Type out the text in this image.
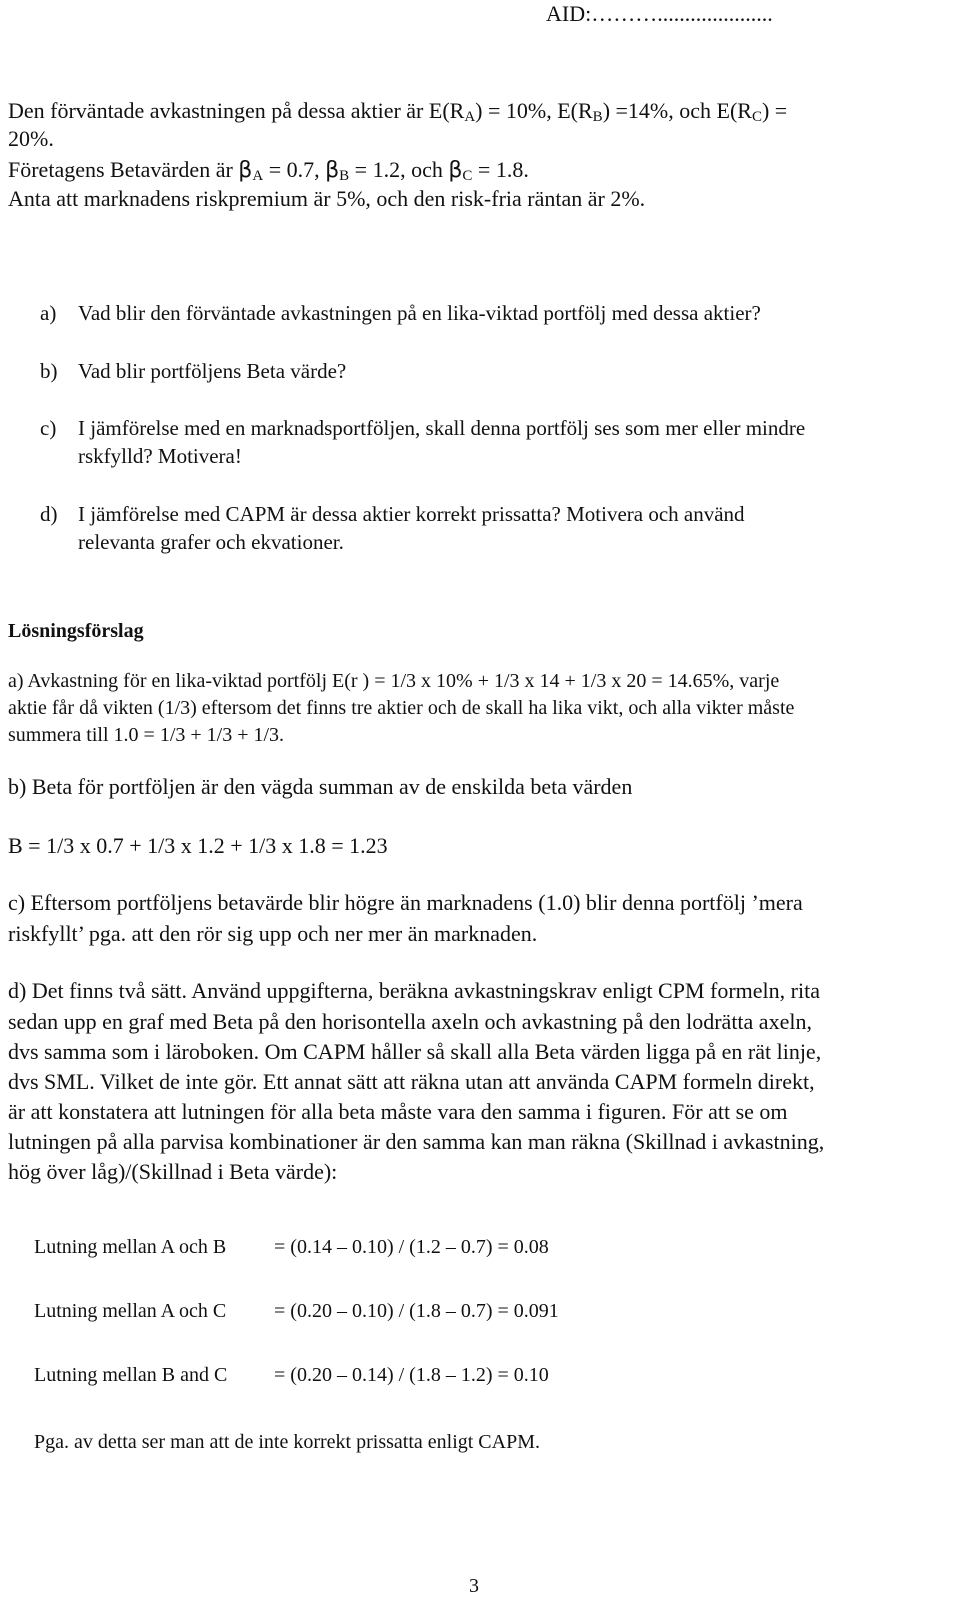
AID:……….....................
Den förväntade avkastningen på dessa aktier är $E(R_A) = 10\%$, $E(R_B) =14\%$, och $E(R_C)$ =
20%.
Företagens Betavärden är $\beta_A = 0.7$, $\beta_B = 1.2$, och $\beta_C = 1.8$.
Anta att marknadens riskpremium är 5%, och den risk-fria räntan är 2%.
a) Vad blir den förväntade avkastningen på en lika-viktad portfölj med dessa aktier?
b) Vad blir portföljens Beta värde?
c) I jämförelse med en marknadsportföljen, skall denna portfölj ses som mer eller mindre
rskfylld? Motivera!
d) I jämförelse med CAPM är dessa aktier korrekt prissatta? Motivera och använd
relevanta grafer och ekvationer.
Lösningsförslag
a) Avkastning för en lika-viktad portfölj E(r ) = 1/3 x 10% + 1/3 x 14 + 1/3 x 20 = 14.65%, varje
aktie får då vikten (1/3) eftersom det finns tre aktier och de skall ha lika vikt, och alla vikter måste
summera till 1.0 = 1/3 + 1/3 + 1/3.
b) Beta för portföljen är den vägda summan av de enskilda beta värden
B = 1/3 x 0.7 + 1/3 x 1.2 + 1/3 x 1.8 = 1.23
c) Eftersom portföljens betavärde blir högre än marknadens (1.0) blir denna portfölj ’mera
riskfyllt’ pga. att den rör sig upp och ner mer än marknaden.
d) Det finns två sätt. Använd uppgifterna, beräkna avkastningskrav enligt CPM formeln, rita
sedan upp en graf med Beta på den horisontella axeln och avkastning på den lodrätta axeln,
dvs samma som i läroboken. Om CAPM håller så skall alla Beta värden ligga på en rät linje,
dvs SML. Vilket de inte gör. Ett annat sätt att räkna utan att använda CAPM formeln direkt,
är att konstatera att lutningen för alla beta måste vara den samma i figuren. För att se om
lutningen på alla parvisa kombinationer är den samma kan man räkna (Skillnad i avkastning,
hög över låg)/(Skillnad i Beta värde):
Lutning mellan A och B = (0.14 – 0.10) / (1.2 – 0.7) = 0.08
Lutning mellan A och C = (0.20 – 0.10) / (1.8 – 0.7) = 0.091
Lutning mellan B and C = (0.20 – 0.14) / (1.8 – 1.2) = 0.10
Pga. av detta ser man att de inte korrekt prissatta enligt CAPM.
3
